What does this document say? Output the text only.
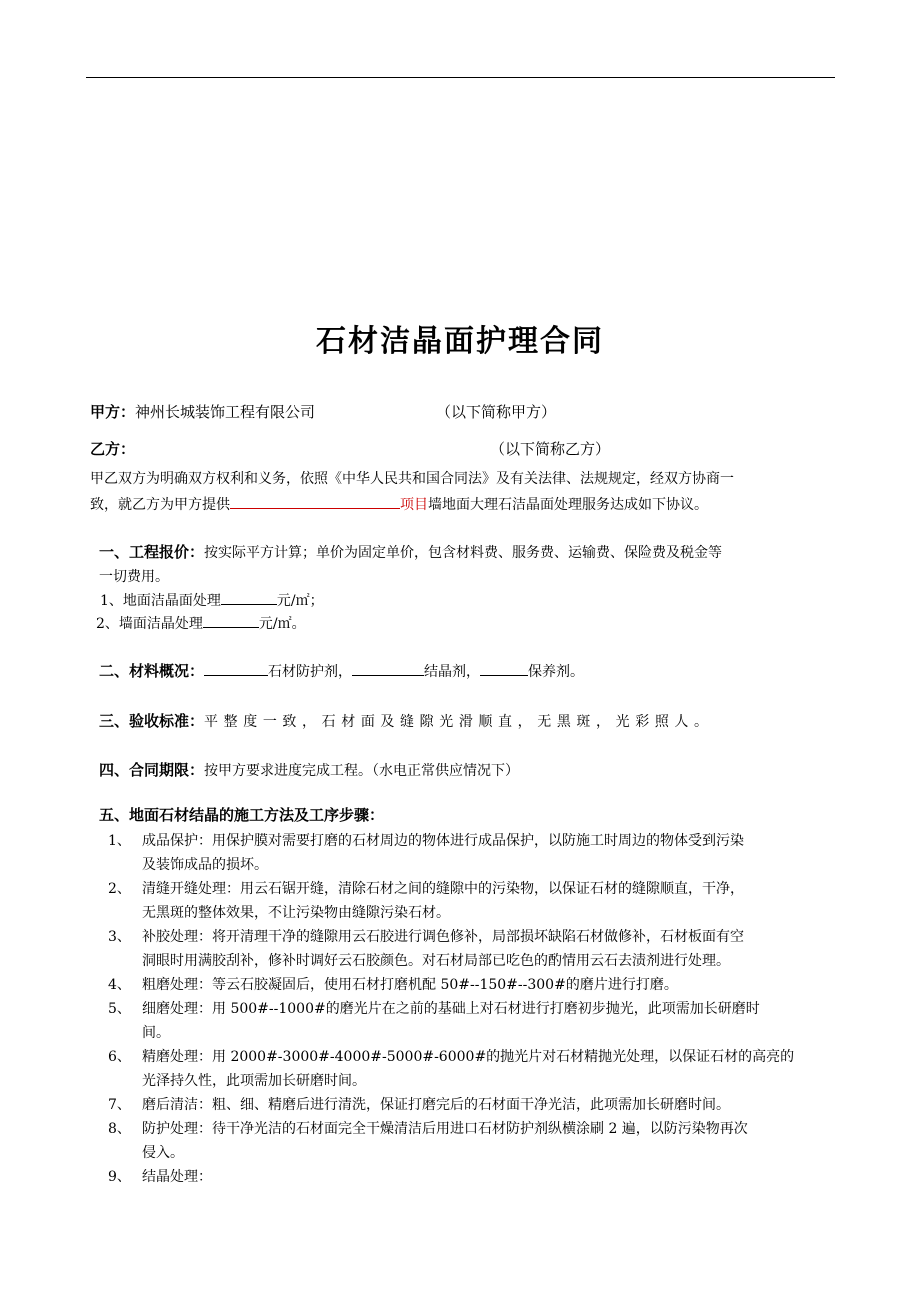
石材洁晶面护理合同
甲方：神州长城装饰工程有限公司	（以下简称甲方）
乙方：	（以下简称乙方）
甲乙双方为明确双方权利和义务，依照《中华人民共和国合同法》及有关法律、法规规定，经双方协商一
致，就乙方为甲方提供	项目墙地面大理石洁晶面处理服务达成如下协议。
一、工程报价：按实际平方计算；单价为固定单价，包含材料费、服务费、运输费、保险费及税金等
一切费用。
1、地面洁晶面处理	元/㎡；
2、墙面洁晶处理	元/㎡。
二、材料概况：	石材防护剂，	结晶剂，	保养剂。
三、验收标准：平整度一致，石材面及缝隙光滑顺直，无黑斑，光彩照人。
四、合同期限：按甲方要求进度完成工程。（水电正常供应情况下）
五、地面石材结晶的施工方法及工序步骤：
1、 成品保护：用保护膜对需要打磨的石材周边的物体进行成品保护，以防施工时周边的物体受到污染
及装饰成品的损坏。
2、 清缝开缝处理：用云石锯开缝，清除石材之间的缝隙中的污染物，以保证石材的缝隙顺直，干净，
无黑斑的整体效果，不让污染物由缝隙污染石材。
3、 补胶处理：将开清理干净的缝隙用云石胶进行调色修补，局部损坏缺陷石材做修补，石材板面有空
洞眼时用满胶刮补，修补时调好云石胶颜色。对石材局部已吃色的酌情用云石去渍剂进行处理。
4、 粗磨处理：等云石胶凝固后，使用石材打磨机配 50#--150#--300#的磨片进行打磨。
5、 细磨处理：用 500#--1000#的磨光片在之前的基础上对石材进行打磨初步抛光，此项需加长研磨时
间。
6、 精磨处理：用 2000#-3000#-4000#-5000#-6000#的抛光片对石材精抛光处理，以保证石材的高亮的
光泽持久性，此项需加长研磨时间。
7、 磨后清洁：粗、细、精磨后进行清洗，保证打磨完后的石材面干净光洁，此项需加长研磨时间。
8、 防护处理：待干净光洁的石材面完全干燥清洁后用进口石材防护剂纵横涂刷 2 遍，以防污染物再次
侵入。
9、 结晶处理：
